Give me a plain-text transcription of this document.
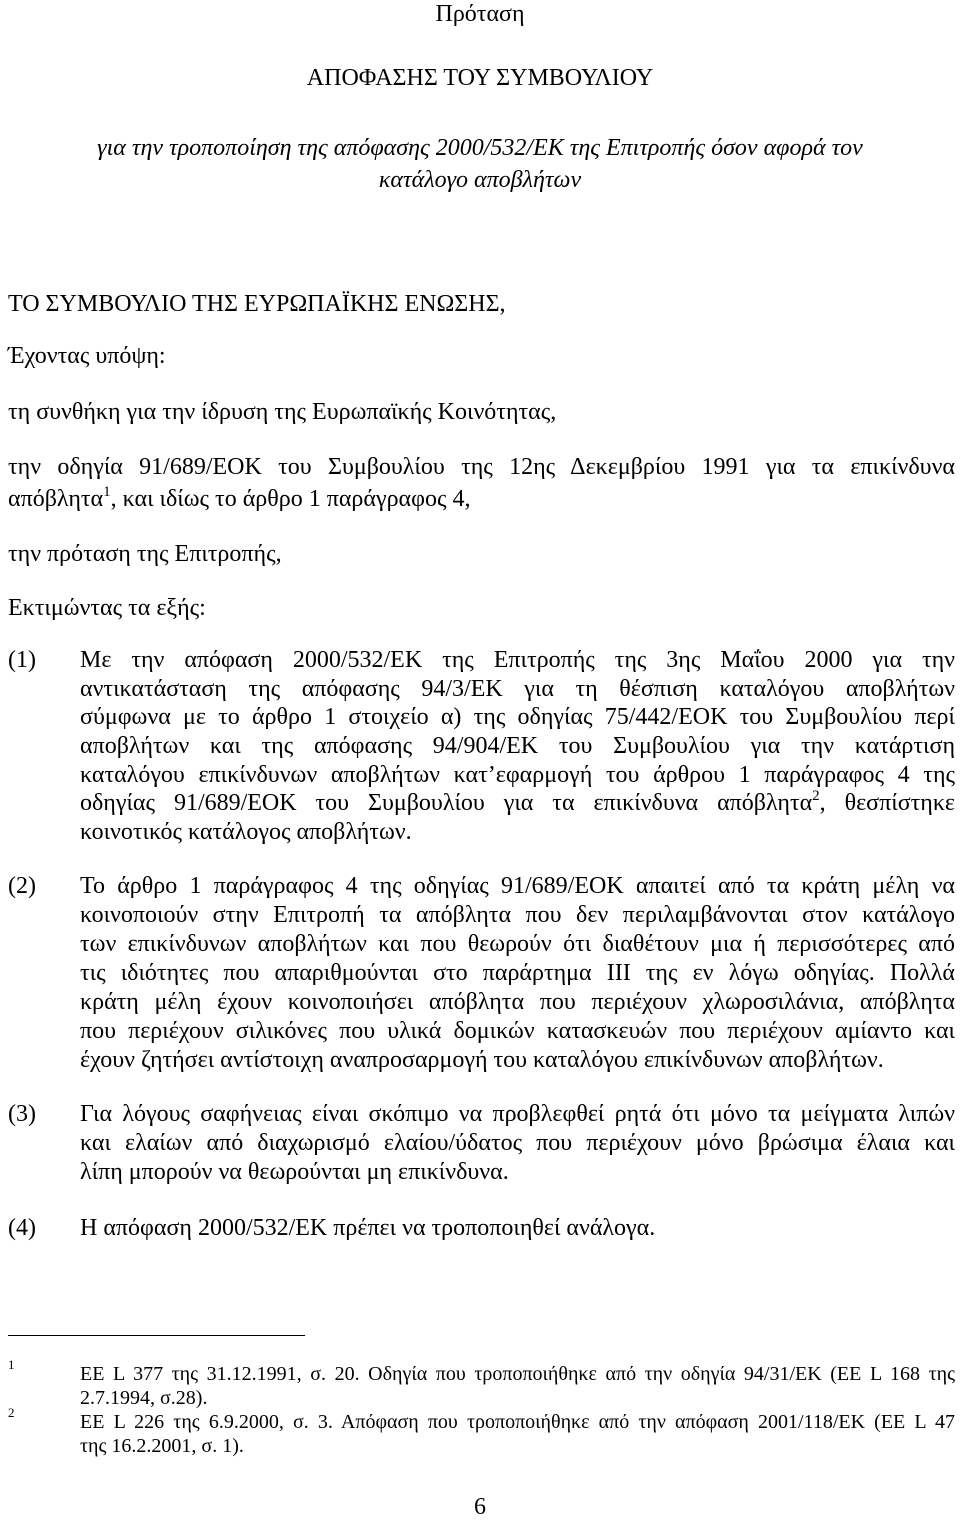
Πρόταση
ΑΠΟΦΑΣΗΣ ΤΟΥ ΣΥΜΒΟΥΛΙΟΥ
για την τροποποίηση της απόφασης 2000/532/ΕΚ της Επιτροπής όσον αφορά τον
κατάλογο αποβλήτων
ΤΟ ΣΥΜΒΟΥΛΙΟ ΤΗΣ ΕΥΡΩΠΑΪΚΗΣ ΕΝΩΣΗΣ,
Έχοντας υπόψη:
τη συνθήκη για την ίδρυση της Ευρωπαϊκής Κοινότητας,
την οδηγία 91/689/ΕΟΚ του Συμβουλίου της 12ης Δεκεμβρίου 1991 για τα επικίνδυνα
απόβλητα$^1$, και ιδίως το άρθρο 1 παράγραφος 4,
την πρόταση της Επιτροπής,
Εκτιμώντας τα εξής:
(1) Με την απόφαση 2000/532/ΕΚ της Επιτροπής της 3ης Μαΐου 2000 για την
αντικατάσταση της απόφασης 94/3/ΕΚ για τη θέσπιση καταλόγου αποβλήτων
σύμφωνα με το άρθρο 1 στοιχείο α) της οδηγίας 75/442/ΕΟΚ του Συμβουλίου περί
αποβλήτων και της απόφασης 94/904/ΕΚ του Συμβουλίου για την κατάρτιση
καταλόγου επικίνδυνων αποβλήτων κατ’εφαρμογή του άρθρου 1 παράγραφος 4 της
οδηγίας 91/689/ΕΟΚ του Συμβουλίου για τα επικίνδυνα απόβλητα$^2$, θεσπίστηκε
κοινοτικός κατάλογος αποβλήτων.
(2) Το άρθρο 1 παράγραφος 4 της οδηγίας 91/689/ΕΟΚ απαιτεί από τα κράτη μέλη να
κοινοποιούν στην Επιτροπή τα απόβλητα που δεν περιλαμβάνονται στον κατάλογο
των επικίνδυνων αποβλήτων και που θεωρούν ότι διαθέτουν μια ή περισσότερες από
τις ιδιότητες που απαριθμούνται στο παράρτημα III της εν λόγω οδηγίας. Πολλά
κράτη μέλη έχουν κοινοποιήσει απόβλητα που περιέχουν χλωροσιλάνια, απόβλητα
που περιέχουν σιλικόνες που υλικά δομικών κατασκευών που περιέχουν αμίαντο και
έχουν ζητήσει αντίστοιχη αναπροσαρμογή του καταλόγου επικίνδυνων αποβλήτων.
(3) Για λόγους σαφήνειας είναι σκόπιμο να προβλεφθεί ρητά ότι μόνο τα μείγματα λιπών
και ελαίων από διαχωρισμό ελαίου/ύδατος που περιέχουν μόνο βρώσιμα έλαια και
λίπη μπορούν να θεωρούνται μη επικίνδυνα.
(4) Η απόφαση 2000/532/ΕΚ πρέπει να τροποποιηθεί ανάλογα.
1	ΕΕ L 377 της 31.12.1991, σ. 20. Οδηγία που τροποποιήθηκε από την οδηγία 94/31/ΕΚ (ΕΕ L 168 της
2.7.1994, σ.28).
2	ΕΕ L 226 της 6.9.2000, σ. 3. Απόφαση που τροποποιήθηκε από την απόφαση 2001/118/ΕΚ (ΕΕ L 47
της 16.2.2001, σ. 1).
6
